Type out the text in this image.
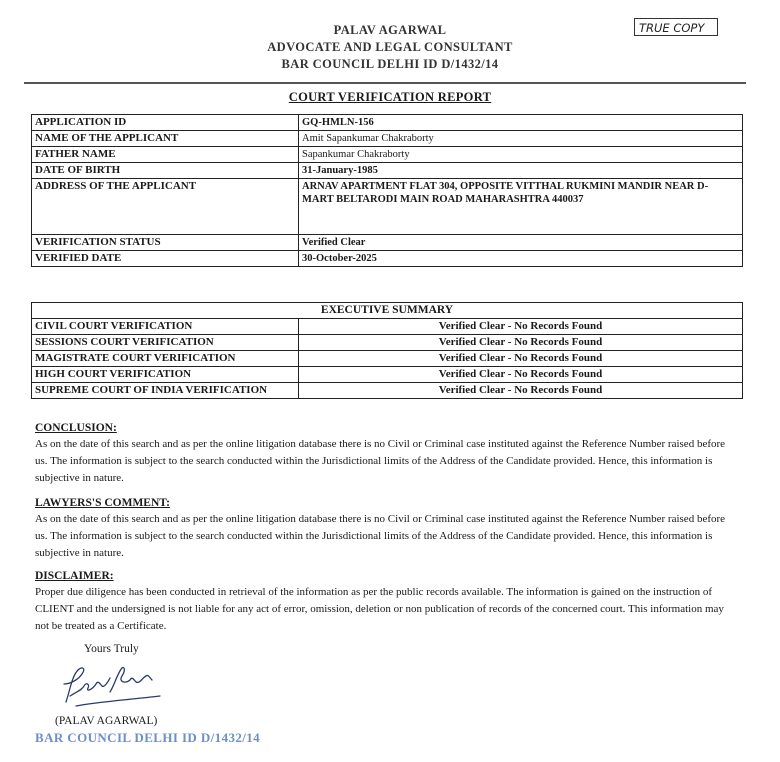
PALAV AGARWAL
ADVOCATE AND LEGAL CONSULTANT
BAR COUNCIL DELHI ID D/1432/14
TRUE COPY
COURT VERIFICATION REPORT
APPLICATION ID	GQ-HMLN-156
NAME OF THE APPLICANT	Amit Sapankumar Chakraborty
FATHER NAME	Sapankumar Chakraborty
DATE OF BIRTH	31-January-1985
ADDRESS OF THE APPLICANT	ARNAV APARTMENT FLAT 304, OPPOSITE VITTHAL RUKMINI MANDIR NEAR D-MART BELTARODI MAIN ROAD MAHARASHTRA 440037
VERIFICATION STATUS	Verified Clear
VERIFIED DATE	30-October-2025
EXECUTIVE SUMMARY	
CIVIL COURT VERIFICATION	Verified Clear - No Records Found
SESSIONS COURT VERIFICATION	Verified Clear - No Records Found
MAGISTRATE COURT VERIFICATION	Verified Clear - No Records Found
HIGH COURT VERIFICATION	Verified Clear - No Records Found
SUPREME COURT OF INDIA VERIFICATION	Verified Clear - No Records Found
CONCLUSION:
As on the date of this search and as per the online litigation database there is no Civil or Criminal case instituted against the Reference Number raised before us. The information is subject to the search conducted within the Jurisdictional limits of the Address of the Candidate provided. Hence, this information is subjective in nature.
LAWYERS'S COMMENT:
As on the date of this search and as per the online litigation database there is no Civil or Criminal case instituted against the Reference Number raised before us. The information is subject to the search conducted within the Jurisdictional limits of the Address of the Candidate provided. Hence, this information is subjective in nature.
DISCLAIMER:
Proper due diligence has been conducted in retrieval of the information as per the public records available. The information is gained on the instruction of CLIENT and the undersigned is not liable for any act of error, omission, deletion or non publication of records of the concerned court. This information may not be treated as a Certificate.
Yours Truly
(PALAV AGARWAL)
BAR COUNCIL DELHI ID D/1432/14
